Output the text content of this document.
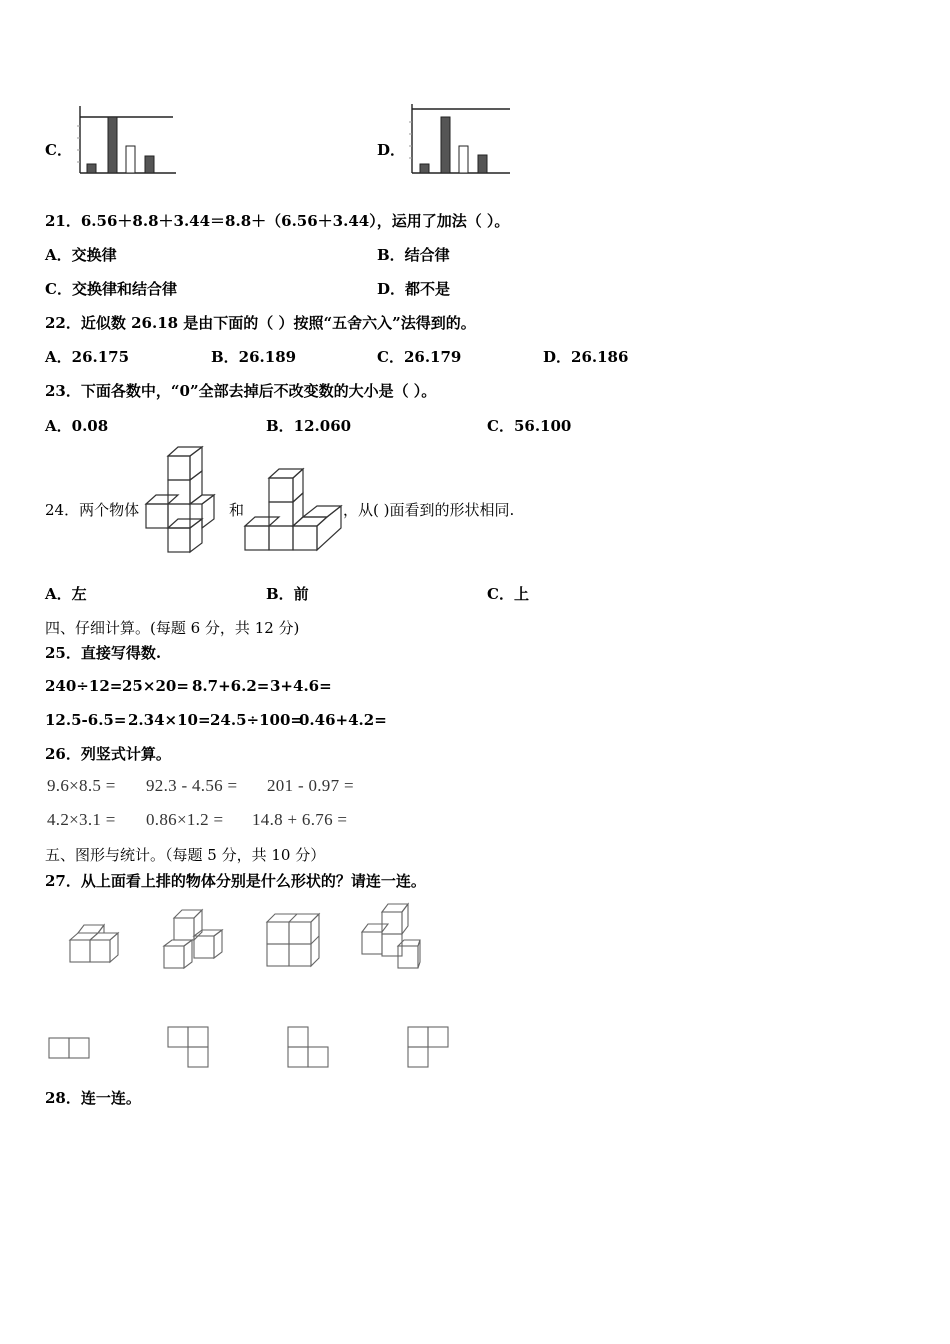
C．	D．
21．6.56＋8.8＋3.44＝8.8＋（6.56＋3.44），运用了加法（ ）。
A．交换律	B．结合律
C．交换律和结合律	D．都不是
22．近似数 26.18 是由下面的（ ）按照“五舍六入”法得到的。
A．26.175	B．26.189	C．26.179	D．26.186
23．下面各数中，“0”全部去掉后不改变数的大小是（ ）。
A．0.08	B．12.060	C．56.100
24．两个物体	和	，从( )面看到的形状相同.
A．左	B．前	C．上
四、仔细计算。(每题 6 分，共 12 分)
25．直接写得数.
240÷12= 25×20= 8.7+6.2= 3+4.6=
12.5-6.5= 2.34×10= 24.5÷100=
0.46+4.2=
26．列竖式计算。
9.6×8.5 = 92.3 - 4.56 = 201 - 0.97 =
4.2×3.1 = 0.86×1.2 = 14.8 + 6.76 =
五、图形与统计。（每题 5 分，共 10 分）
27．从上面看上排的物体分别是什么形状的？请连一连。
28．连一连。
